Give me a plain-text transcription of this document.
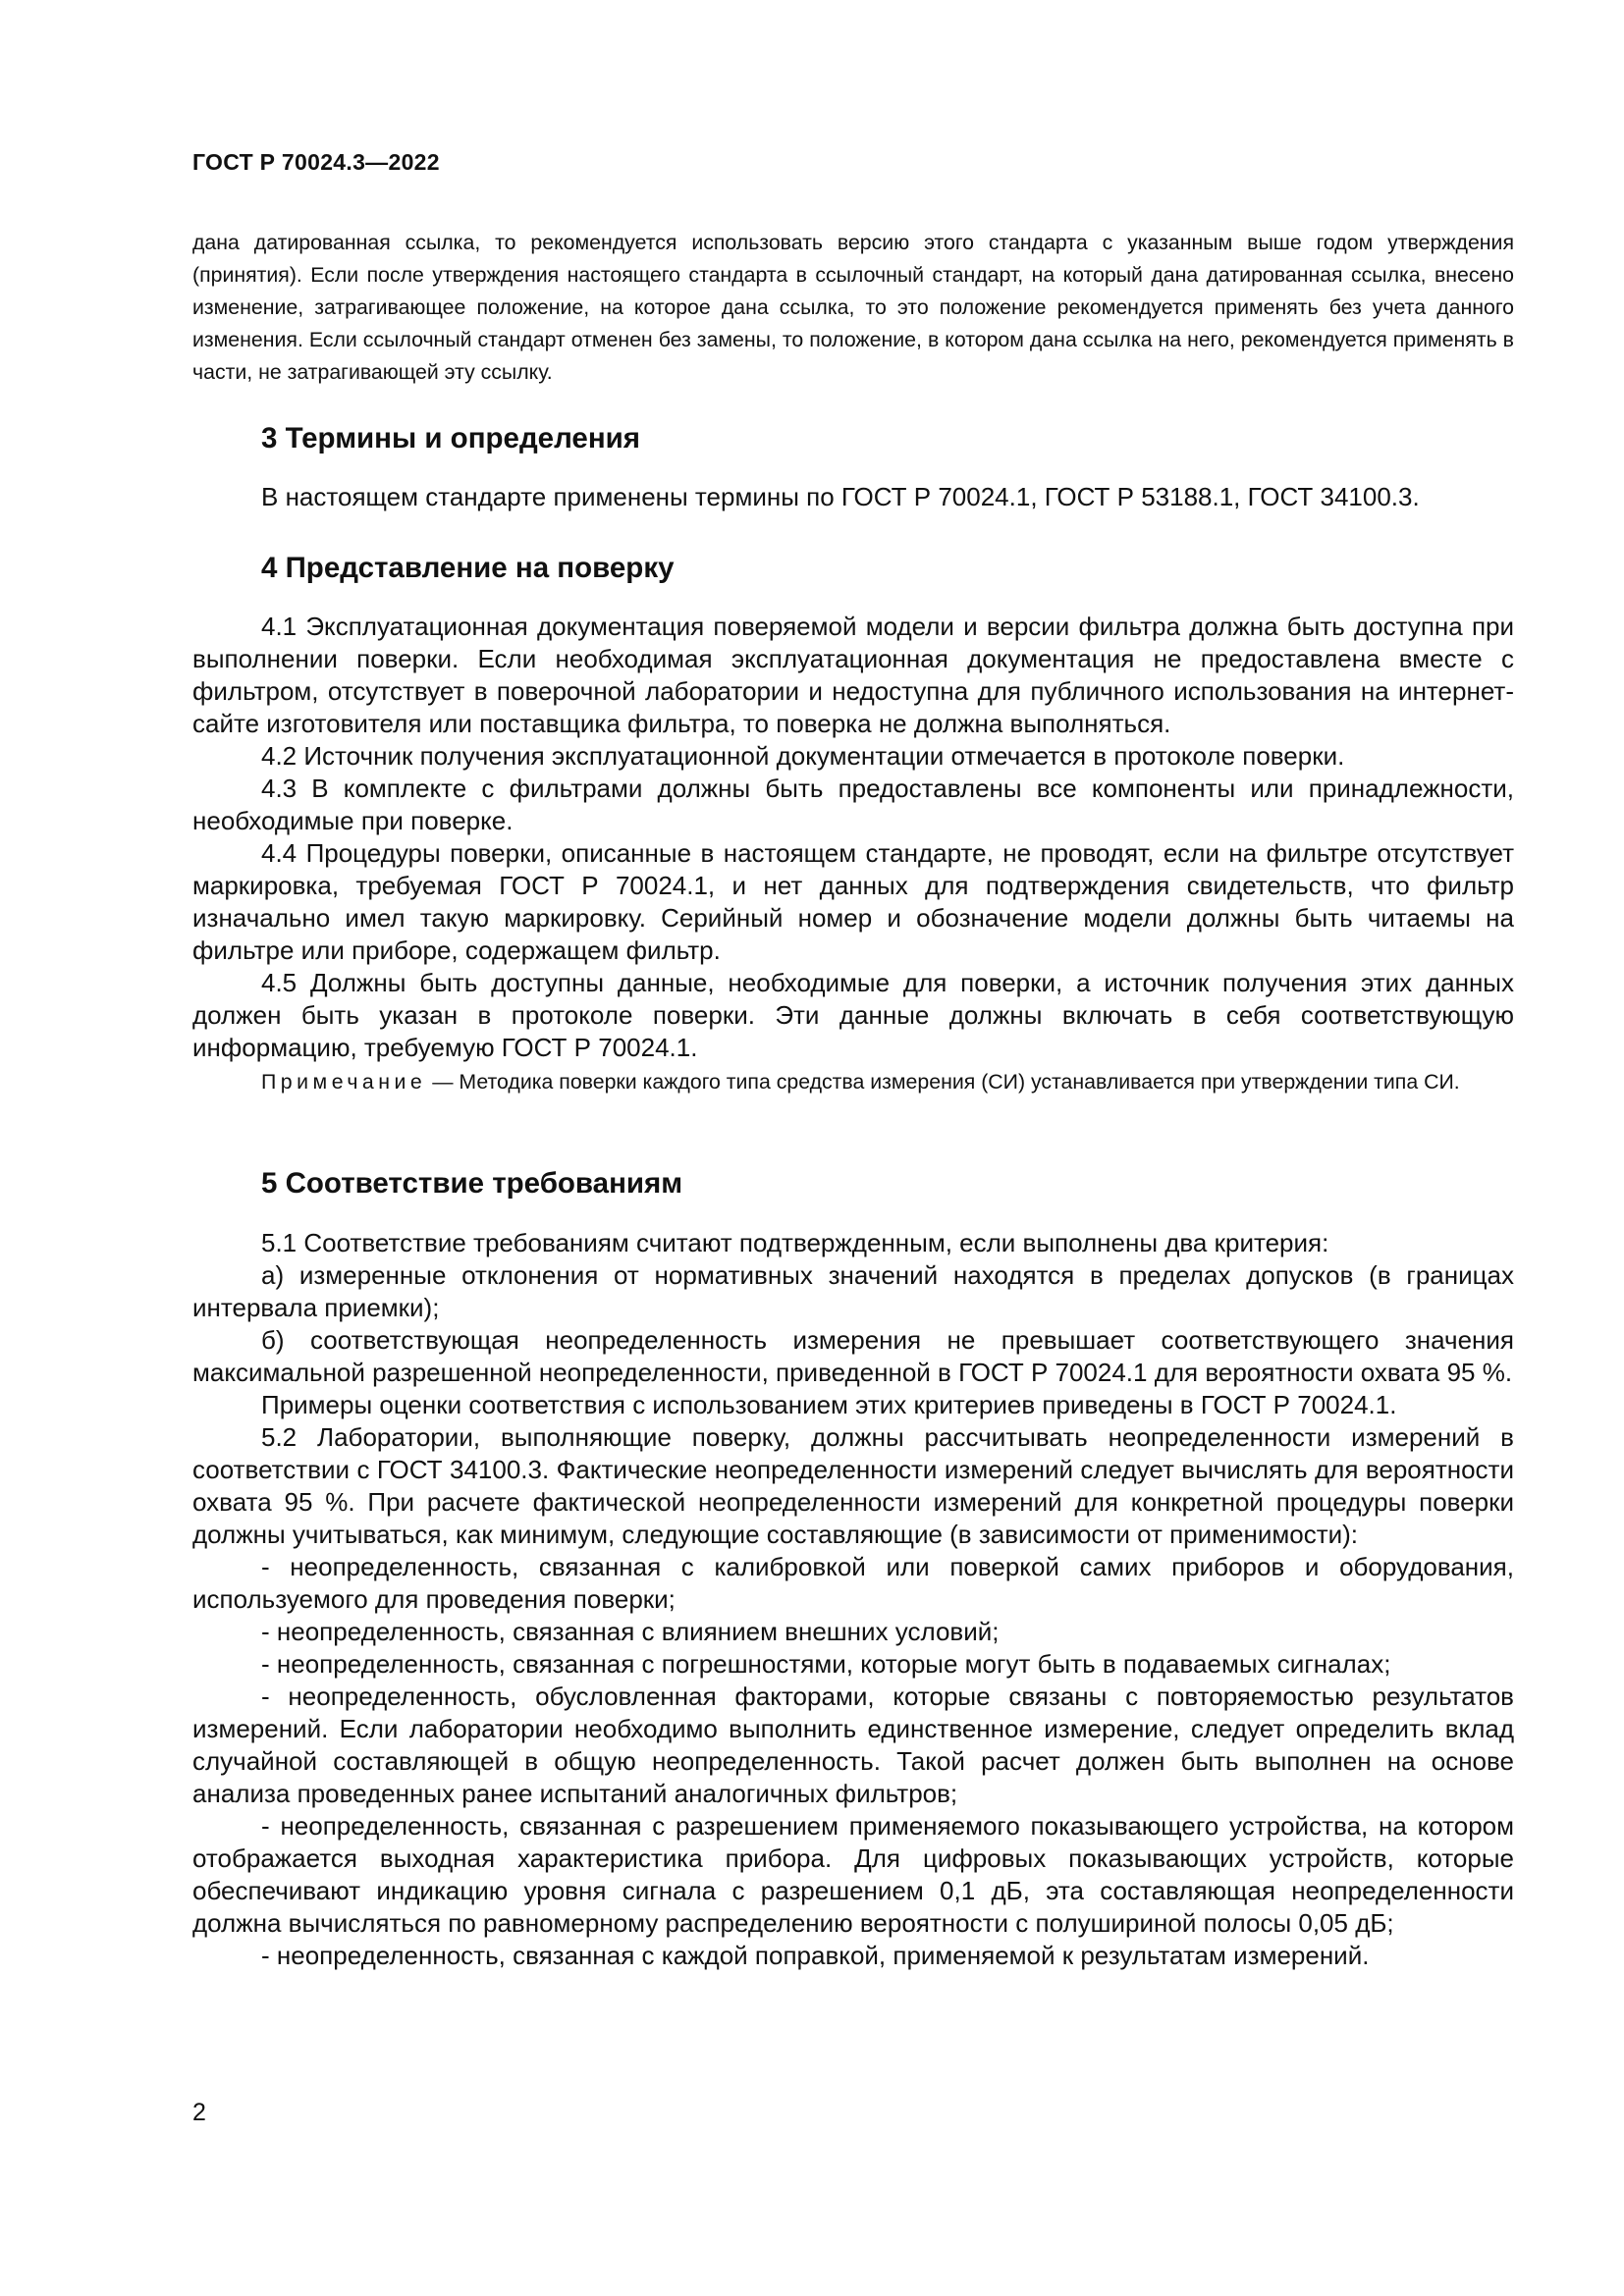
ГОСТ Р 70024.3—2022

дана датированная ссылка, то рекомендуется использовать версию этого стандарта с указанным выше годом утверждения (принятия). Если после утверждения настоящего стандарта в ссылочный стандарт, на который дана датированная ссылка, внесено изменение, затрагивающее положение, на которое дана ссылка, то это положение рекомендуется применять без учета данного изменения. Если ссылочный стандарт отменен без замены, то положение, в котором дана ссылка на него, рекомендуется применять в части, не затрагивающей эту ссылку.

3 Термины и определения

В настоящем стандарте применены термины по ГОСТ Р 70024.1, ГОСТ Р 53188.1, ГОСТ 34100.3.

4 Представление на поверку

4.1 Эксплуатационная документация поверяемой модели и версии фильтра должна быть доступна при выполнении поверки. Если необходимая эксплуатационная документация не предоставлена вместе с фильтром, отсутствует в поверочной лаборатории и недоступна для публичного использования на интернет-сайте изготовителя или поставщика фильтра, то поверка не должна выполняться.

4.2 Источник получения эксплуатационной документации отмечается в протоколе поверки.

4.3 В комплекте с фильтрами должны быть предоставлены все компоненты или принадлежности, необходимые при поверке.

4.4 Процедуры поверки, описанные в настоящем стандарте, не проводят, если на фильтре отсутствует маркировка, требуемая ГОСТ Р 70024.1, и нет данных для подтверждения свидетельств, что фильтр изначально имел такую маркировку. Серийный номер и обозначение модели должны быть читаемы на фильтре или приборе, содержащем фильтр.

4.5 Должны быть доступны данные, необходимые для поверки, а источник получения этих данных должен быть указан в протоколе поверки. Эти данные должны включать в себя соответствующую информацию, требуемую ГОСТ Р 70024.1.

Примечание — Методика поверки каждого типа средства измерения (СИ) устанавливается при утверждении типа СИ.

5 Соответствие требованиям

5.1 Соответствие требованиям считают подтвержденным, если выполнены два критерия:

а) измеренные отклонения от нормативных значений находятся в пределах допусков (в границах интервала приемки);

б) соответствующая неопределенность измерения не превышает соответствующего значения максимальной разрешенной неопределенности, приведенной в ГОСТ Р 70024.1 для вероятности охвата 95 %.

Примеры оценки соответствия с использованием этих критериев приведены в ГОСТ Р 70024.1.

5.2 Лаборатории, выполняющие поверку, должны рассчитывать неопределенности измерений в соответствии с ГОСТ 34100.3. Фактические неопределенности измерений следует вычислять для вероятности охвата 95 %. При расчете фактической неопределенности измерений для конкретной процедуры поверки должны учитываться, как минимум, следующие составляющие (в зависимости от применимости):

- неопределенность, связанная с калибровкой или поверкой самих приборов и оборудования, используемого для проведения поверки;

- неопределенность, связанная с влиянием внешних условий;

- неопределенность, связанная с погрешностями, которые могут быть в подаваемых сигналах;

- неопределенность, обусловленная факторами, которые связаны с повторяемостью результатов измерений. Если лаборатории необходимо выполнить единственное измерение, следует определить вклад случайной составляющей в общую неопределенность. Такой расчет должен быть выполнен на основе анализа проведенных ранее испытаний аналогичных фильтров;

- неопределенность, связанная с разрешением применяемого показывающего устройства, на котором отображается выходная характеристика прибора. Для цифровых показывающих устройств, которые обеспечивают индикацию уровня сигнала с разрешением 0,1 дБ, эта составляющая неопределенности должна вычисляться по равномерному распределению вероятности с полушириной полосы 0,05 дБ;

- неопределенность, связанная с каждой поправкой, применяемой к результатам измерений.

2
